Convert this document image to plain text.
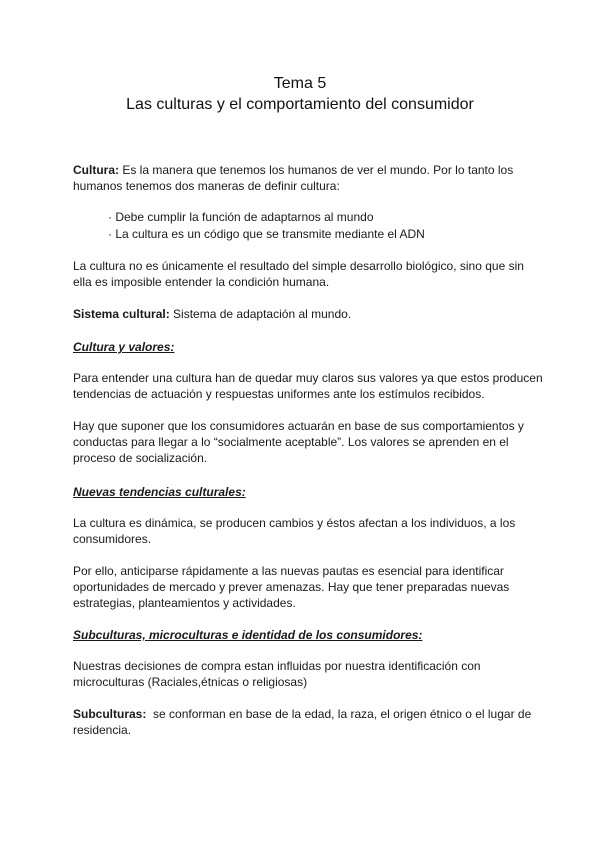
Tema 5
Las culturas y el comportamiento del consumidor

Cultura: Es la manera que tenemos los humanos de ver el mundo. Por lo tanto los humanos tenemos dos maneras de definir cultura:

· Debe cumplir la función de adaptarnos al mundo
· La cultura es un código que se transmite mediante el ADN

La cultura no es únicamente el resultado del simple desarrollo biológico, sino que sin ella es imposible entender la condición humana.

Sistema cultural: Sistema de adaptación al mundo.

Cultura y valores:

Para entender una cultura han de quedar muy claros sus valores ya que estos producen tendencias de actuación y respuestas uniformes ante los estímulos recibidos.

Hay que suponer que los consumidores actuarán en base de sus comportamientos y conductas para llegar a lo “socialmente aceptable”. Los valores se aprenden en el proceso de socialización.

Nuevas tendencias culturales:

La cultura es dinámica, se producen cambios y éstos afectan a los individuos, a los consumidores.

Por ello, anticiparse rápidamente a las nuevas pautas es esencial para identificar oportunidades de mercado y prever amenazas. Hay que tener preparadas nuevas estrategias, planteamientos y actividades.

Subculturas, microculturas e identidad de los consumidores:

Nuestras decisiones de compra estan influidas por nuestra identificación con microculturas (Raciales,étnicas o religiosas)

Subculturas:  se conforman en base de la edad, la raza, el origen étnico o el lugar de residencia.
